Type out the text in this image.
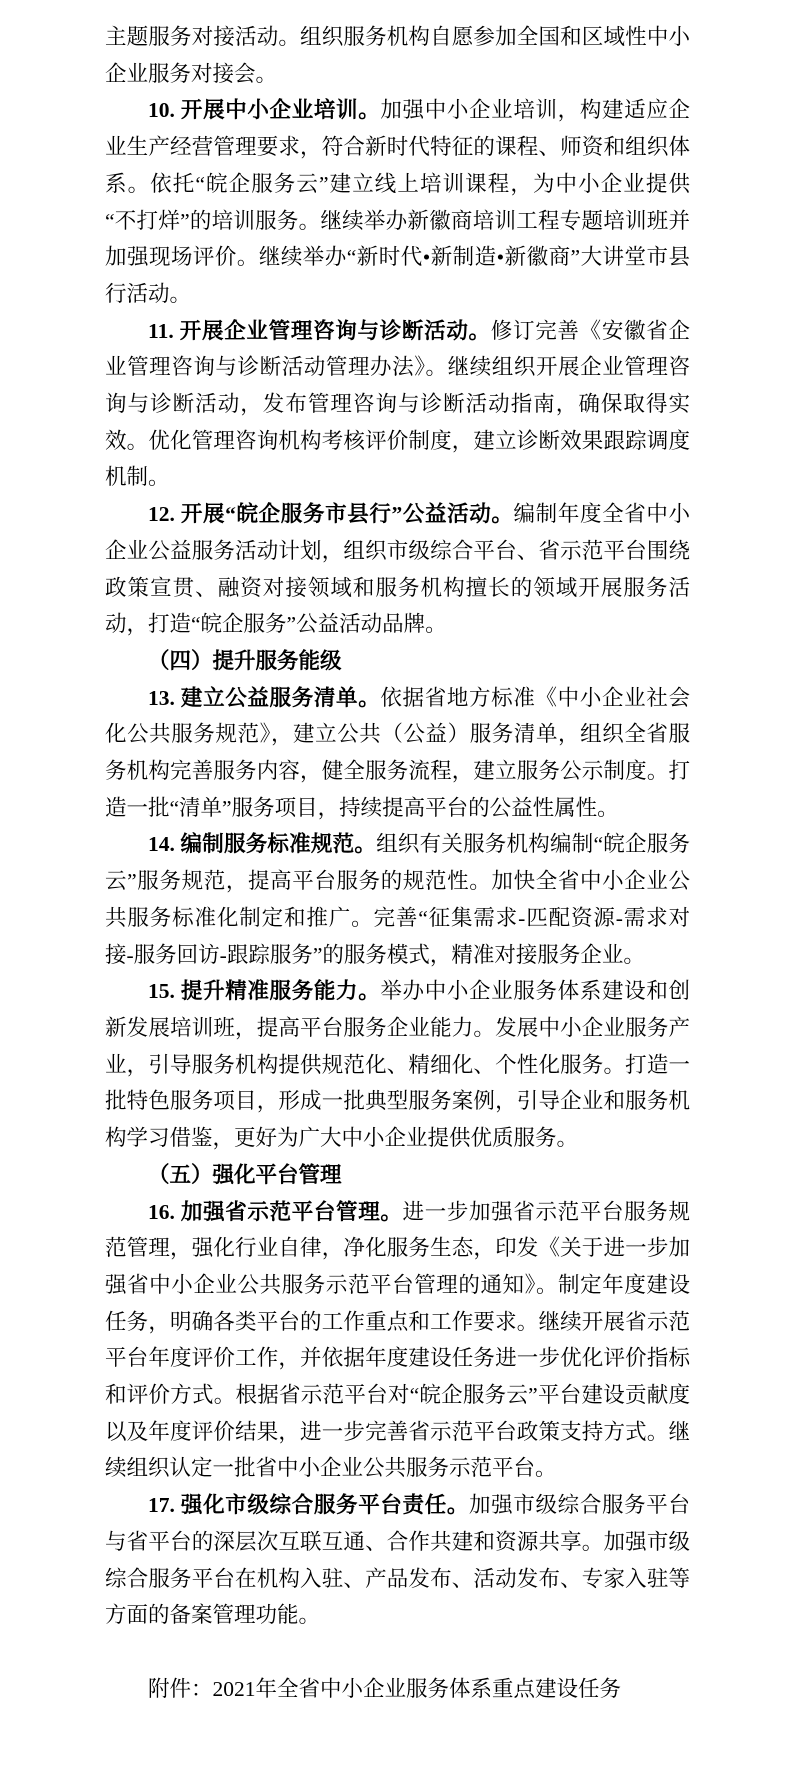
主题服务对接活动。组织服务机构自愿参加全国和区域性中小企业服务对接会。

10. 开展中小企业培训。加强中小企业培训，构建适应企业生产经营管理要求，符合新时代特征的课程、师资和组织体系。依托“皖企服务云”建立线上培训课程，为中小企业提供“不打烊”的培训服务。继续举办新徽商培训工程专题培训班并加强现场评价。继续举办“新时代•新制造•新徽商”大讲堂市县行活动。

11. 开展企业管理咨询与诊断活动。修订完善《安徽省企业管理咨询与诊断活动管理办法》。继续组织开展企业管理咨询与诊断活动，发布管理咨询与诊断活动指南，确保取得实效。优化管理咨询机构考核评价制度，建立诊断效果跟踪调度机制。

12. 开展“皖企服务市县行”公益活动。编制年度全省中小企业公益服务活动计划，组织市级综合平台、省示范平台围绕政策宣贯、融资对接领域和服务机构擅长的领域开展服务活动，打造“皖企服务”公益活动品牌。

（四）提升服务能级

13. 建立公益服务清单。依据省地方标准《中小企业社会化公共服务规范》，建立公共（公益）服务清单，组织全省服务机构完善服务内容，健全服务流程，建立服务公示制度。打造一批“清单”服务项目，持续提高平台的公益性属性。

14. 编制服务标准规范。组织有关服务机构编制“皖企服务云”服务规范，提高平台服务的规范性。加快全省中小企业公共服务标准化制定和推广。完善“征集需求-匹配资源-需求对接-服务回访-跟踪服务”的服务模式，精准对接服务企业。

15. 提升精准服务能力。举办中小企业服务体系建设和创新发展培训班，提高平台服务企业能力。发展中小企业服务产业，引导服务机构提供规范化、精细化、个性化服务。打造一批特色服务项目，形成一批典型服务案例，引导企业和服务机构学习借鉴，更好为广大中小企业提供优质服务。

（五）强化平台管理

16. 加强省示范平台管理。进一步加强省示范平台服务规范管理，强化行业自律，净化服务生态，印发《关于进一步加强省中小企业公共服务示范平台管理的通知》。制定年度建设任务，明确各类平台的工作重点和工作要求。继续开展省示范平台年度评价工作，并依据年度建设任务进一步优化评价指标和评价方式。根据省示范平台对“皖企服务云”平台建设贡献度以及年度评价结果，进一步完善省示范平台政策支持方式。继续组织认定一批省中小企业公共服务示范平台。

17. 强化市级综合服务平台责任。加强市级综合服务平台与省平台的深层次互联互通、合作共建和资源共享。加强市级综合服务平台在机构入驻、产品发布、活动发布、专家入驻等方面的备案管理功能。

附件：2021年全省中小企业服务体系重点建设任务
